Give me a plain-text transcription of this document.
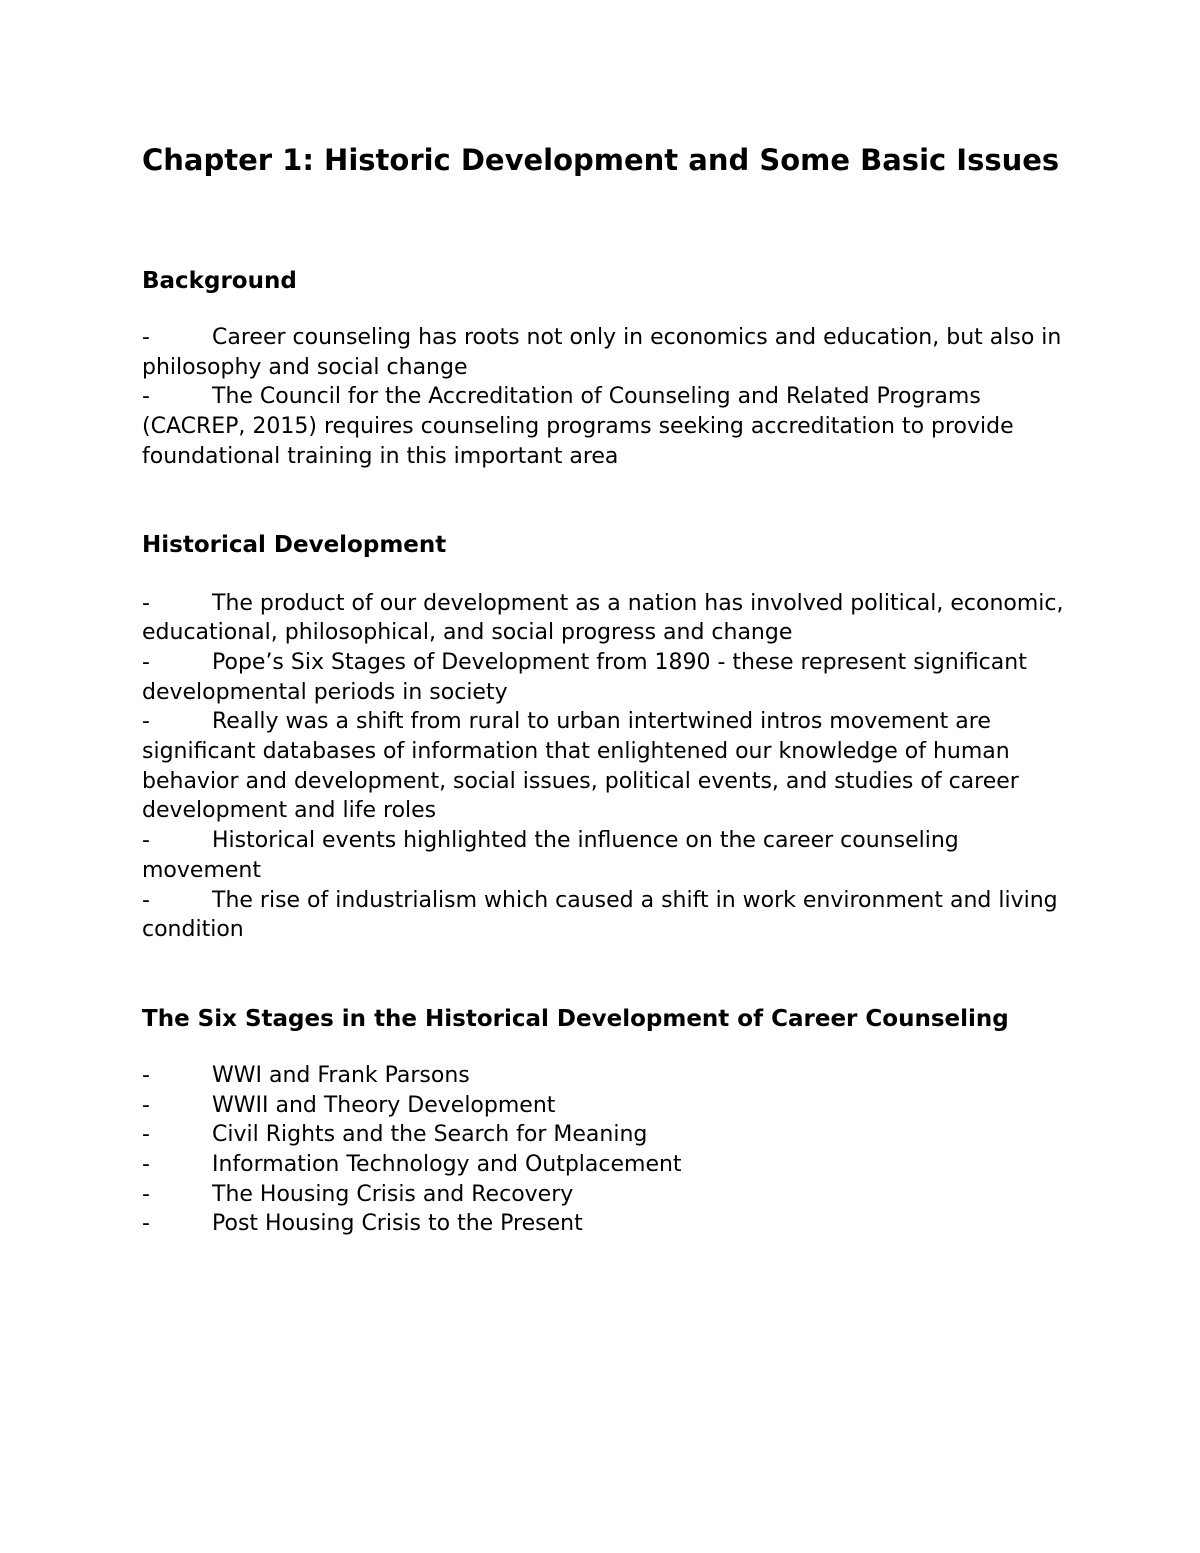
Chapter 1: Historic Development and Some Basic Issues
Background
-	Career counseling has roots not only in economics and education, but also in philosophy and social change
-	The Council for the Accreditation of Counseling and Related Programs (CACREP, 2015) requires counseling programs seeking accreditation to provide foundational training in this important area
Historical Development
-	The product of our development as a nation has involved political, economic, educational, philosophical, and social progress and change
-	Pope’s Six Stages of Development from 1890 - these represent significant developmental periods in society
-	Really was a shift from rural to urban intertwined intros movement are significant databases of information that enlightened our knowledge of human behavior and development, social issues, political events, and studies of career development and life roles
-	Historical events highlighted the influence on the career counseling movement
-	The rise of industrialism which caused a shift in work environment and living condition
The Six Stages in the Historical Development of Career Counseling
-	WWI and Frank Parsons
-	WWII and Theory Development
-	Civil Rights and the Search for Meaning
-	Information Technology and Outplacement
-	The Housing Crisis and Recovery
-	Post Housing Crisis to the Present
